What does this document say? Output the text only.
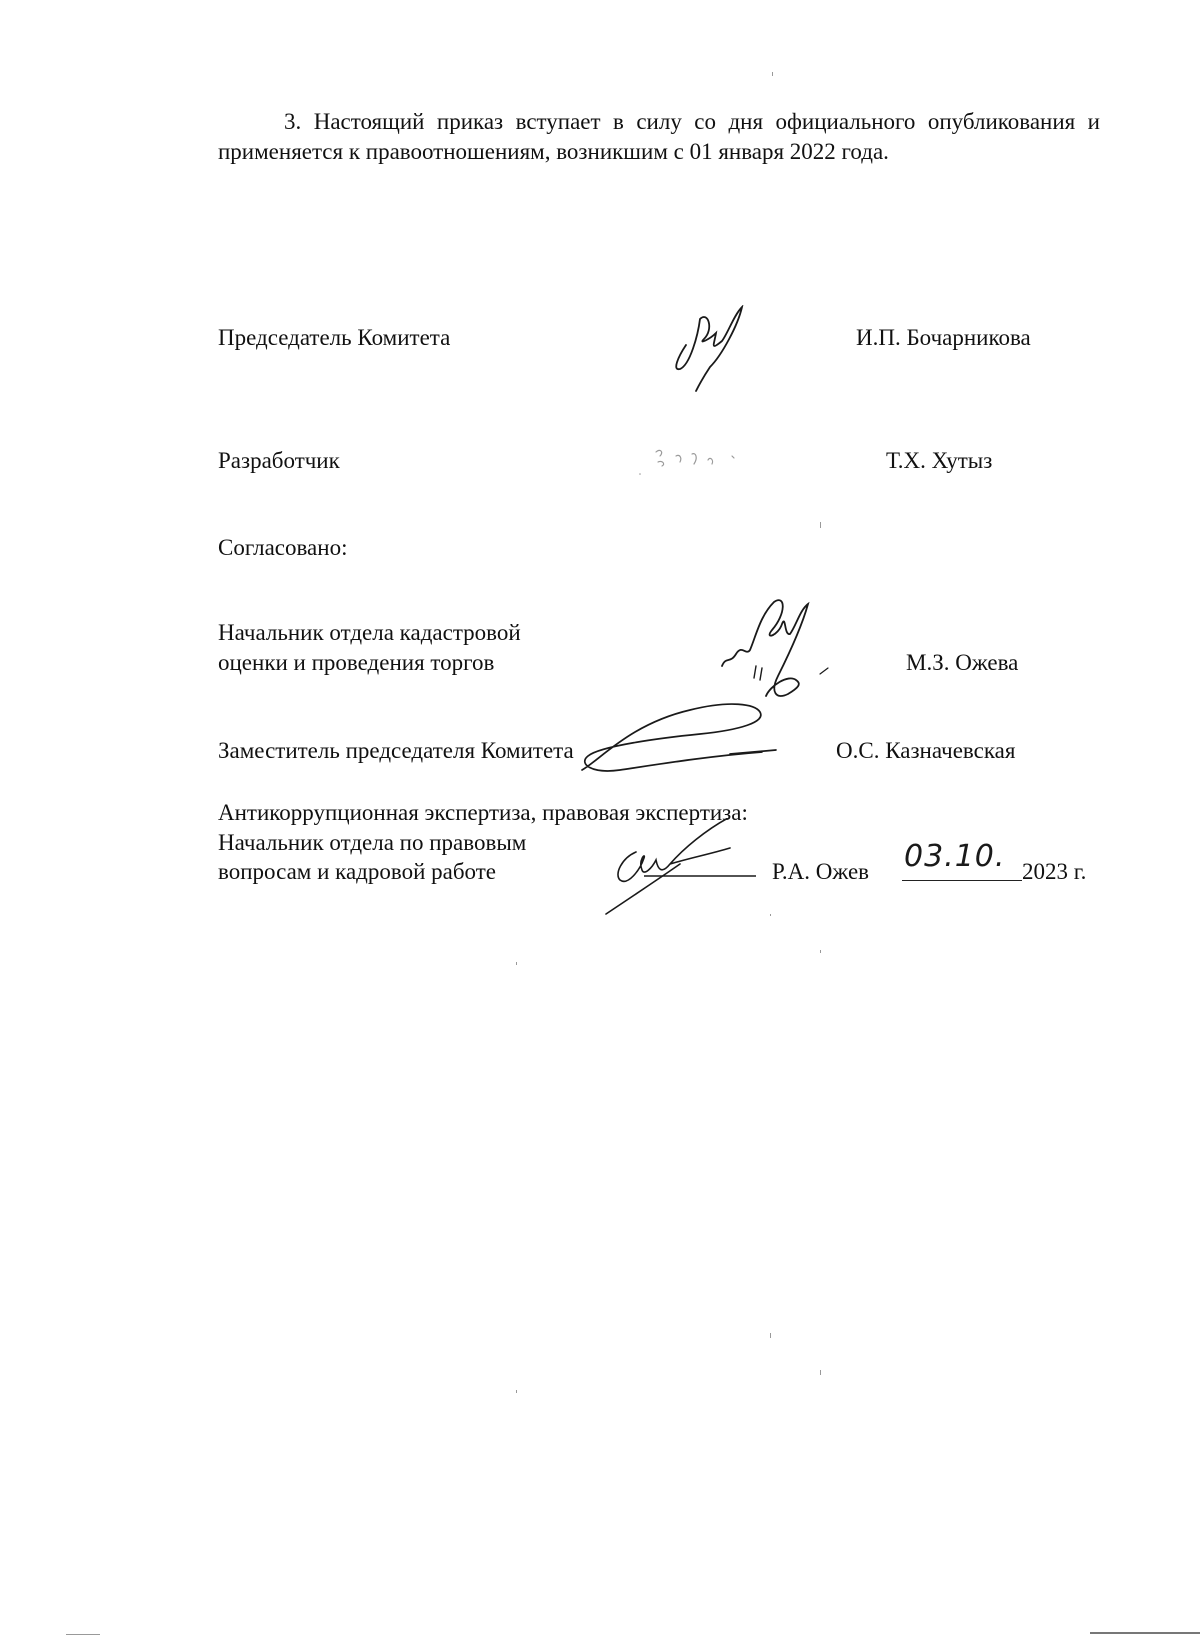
3. Настоящий приказ вступает в силу со дня официального опубликования и применяется к правоотношениям, возникшим с 01 января 2022 года.
Председатель Комитета	И.П. Бочарникова
Разработчик	Т.Х. Хутыз
Согласовано:
Начальник отдела кадастровой
оценки и проведения торгов	М.З. Ожева
Заместитель председателя Комитета	О.С. Казначевская
Антикоррупционная экспертиза, правовая экспертиза:
Начальник отдела по правовым
вопросам и кадровой работе	Р.А. Ожев 03.10. 2023 г.
